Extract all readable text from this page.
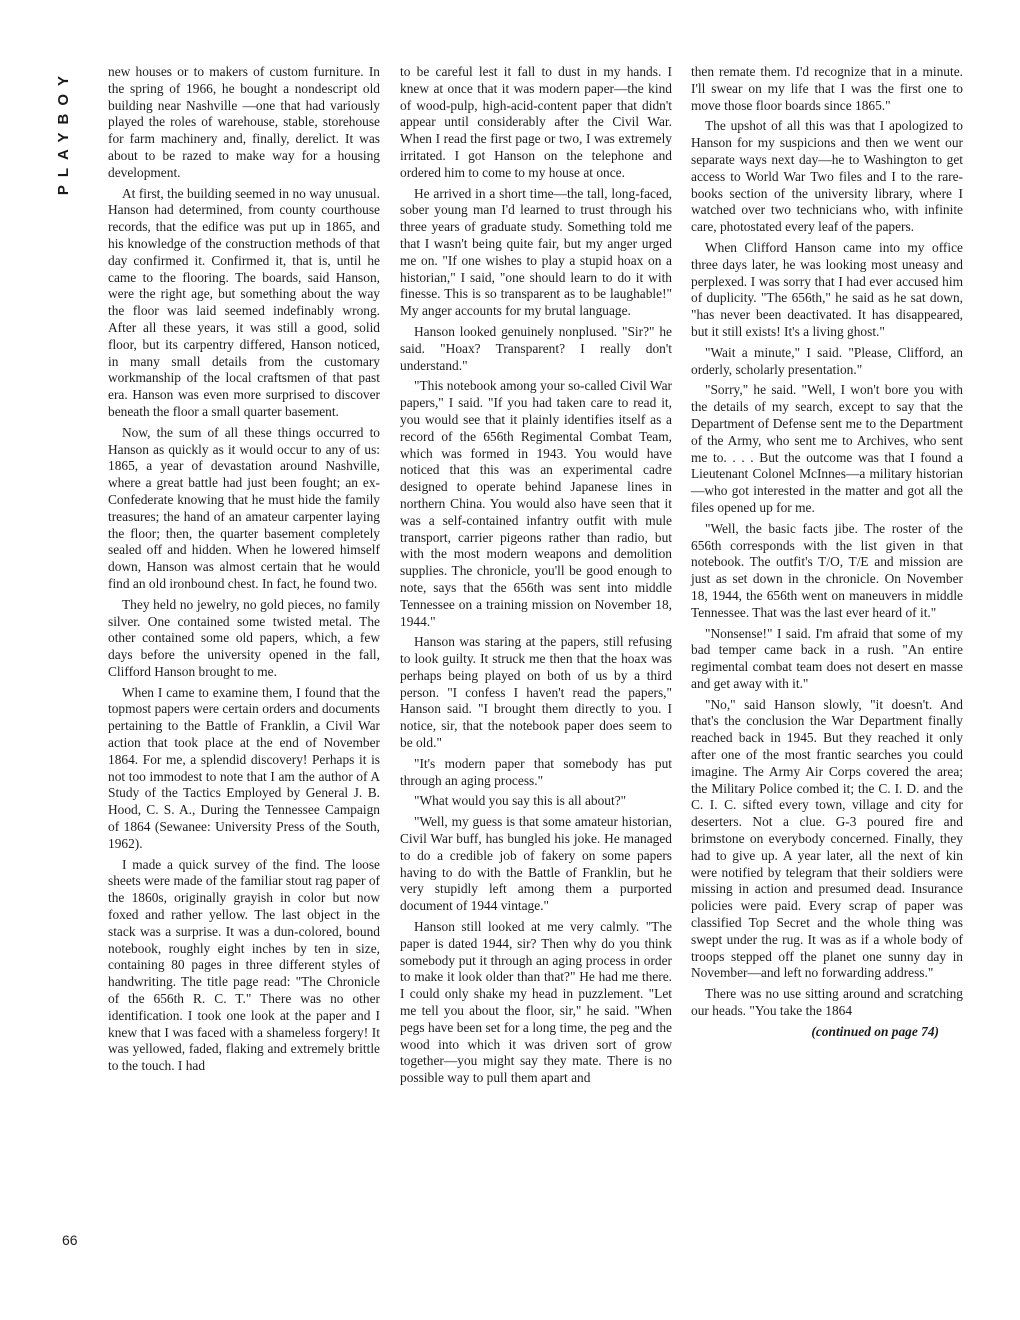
PLAYBOY
66

new houses or to makers of custom furniture. In the spring of 1966, he bought a nondescript old building near Nashville —one that had variously played the roles of warehouse, stable, storehouse for farm machinery and, finally, derelict. It was about to be razed to make way for a housing development.

At first, the building seemed in no way unusual. Hanson had determined, from county courthouse records, that the edifice was put up in 1865, and his knowledge of the construction methods of that day confirmed it. Confirmed it, that is, until he came to the flooring. The boards, said Hanson, were the right age, but something about the way the floor was laid seemed indefinably wrong. After all these years, it was still a good, solid floor, but its carpentry differed, Hanson noticed, in many small details from the customary workmanship of the local craftsmen of that past era. Hanson was even more surprised to discover beneath the floor a small quarter basement.

Now, the sum of all these things occurred to Hanson as quickly as it would occur to any of us: 1865, a year of devastation around Nashville, where a great battle had just been fought; an ex-Confederate knowing that he must hide the family treasures; the hand of an amateur carpenter laying the floor; then, the quarter basement completely sealed off and hidden. When he lowered himself down, Hanson was almost certain that he would find an old ironbound chest. In fact, he found two.

They held no jewelry, no gold pieces, no family silver. One contained some twisted metal. The other contained some old papers, which, a few days before the university opened in the fall, Clifford Hanson brought to me.

When I came to examine them, I found that the topmost papers were certain orders and documents pertaining to the Battle of Franklin, a Civil War action that took place at the end of November 1864. For me, a splendid discovery! Perhaps it is not too immodest to note that I am the author of A Study of the Tactics Employed by General J. B. Hood, C. S. A., During the Tennessee Campaign of 1864 (Sewanee: University Press of the South, 1962).

I made a quick survey of the find. The loose sheets were made of the familiar stout rag paper of the 1860s, originally grayish in color but now foxed and rather yellow. The last object in the stack was a surprise. It was a dun-colored, bound notebook, roughly eight inches by ten in size, containing 80 pages in three different styles of handwriting. The title page read: "The Chronicle of the 656th R. C. T." There was no other identification. I took one look at the paper and I knew that I was faced with a shameless forgery! It was yellowed, faded, flaking and extremely brittle to the touch. I had

to be careful lest it fall to dust in my hands. I knew at once that it was modern paper—the kind of wood-pulp, high-acid-content paper that didn't appear until considerably after the Civil War. When I read the first page or two, I was extremely irritated. I got Hanson on the telephone and ordered him to come to my house at once.

He arrived in a short time—the tall, long-faced, sober young man I'd learned to trust through his three years of graduate study. Something told me that I wasn't being quite fair, but my anger urged me on. "If one wishes to play a stupid hoax on a historian," I said, "one should learn to do it with finesse. This is so transparent as to be laughable!" My anger accounts for my brutal language.

Hanson looked genuinely nonplused. "Sir?" he said. "Hoax? Transparent? I really don't understand."

"This notebook among your so-called Civil War papers," I said. "If you had taken care to read it, you would see that it plainly identifies itself as a record of the 656th Regimental Combat Team, which was formed in 1943. You would have noticed that this was an experimental cadre designed to operate behind Japanese lines in northern China. You would also have seen that it was a self-contained infantry outfit with mule transport, carrier pigeons rather than radio, but with the most modern weapons and demolition supplies. The chronicle, you'll be good enough to note, says that the 656th was sent into middle Tennessee on a training mission on November 18, 1944."

Hanson was staring at the papers, still refusing to look guilty. It struck me then that the hoax was perhaps being played on both of us by a third person. "I confess I haven't read the papers," Hanson said. "I brought them directly to you. I notice, sir, that the notebook paper does seem to be old."

"It's modern paper that somebody has put through an aging process."

"What would you say this is all about?"

"Well, my guess is that some amateur historian, Civil War buff, has bungled his joke. He managed to do a credible job of fakery on some papers having to do with the Battle of Franklin, but he very stupidly left among them a purported document of 1944 vintage."

Hanson still looked at me very calmly. "The paper is dated 1944, sir? Then why do you think somebody put it through an aging process in order to make it look older than that?" He had me there. I could only shake my head in puzzlement. "Let me tell you about the floor, sir," he said. "When pegs have been set for a long time, the peg and the wood into which it was driven sort of grow together—you might say they mate. There is no possible way to pull them apart and

then remate them. I'd recognize that in a minute. I'll swear on my life that I was the first one to move those floor boards since 1865."

The upshot of all this was that I apologized to Hanson for my suspicions and then we went our separate ways next day—he to Washington to get access to World War Two files and I to the rare-books section of the university library, where I watched over two technicians who, with infinite care, photostated every leaf of the papers.

When Clifford Hanson came into my office three days later, he was looking most uneasy and perplexed. I was sorry that I had ever accused him of duplicity. "The 656th," he said as he sat down, "has never been deactivated. It has disappeared, but it still exists! It's a living ghost."

"Wait a minute," I said. "Please, Clifford, an orderly, scholarly presentation."

"Sorry," he said. "Well, I won't bore you with the details of my search, except to say that the Department of Defense sent me to the Department of the Army, who sent me to Archives, who sent me to. . . . But the outcome was that I found a Lieutenant Colonel McInnes—a military historian—who got interested in the matter and got all the files opened up for me.

"Well, the basic facts jibe. The roster of the 656th corresponds with the list given in that notebook. The outfit's T/O, T/E and mission are just as set down in the chronicle. On November 18, 1944, the 656th went on maneuvers in middle Tennessee. That was the last ever heard of it."

"Nonsense!" I said. I'm afraid that some of my bad temper came back in a rush. "An entire regimental combat team does not desert en masse and get away with it."

"No," said Hanson slowly, "it doesn't. And that's the conclusion the War Department finally reached back in 1945. But they reached it only after one of the most frantic searches you could imagine. The Army Air Corps covered the area; the Military Police combed it; the C. I. D. and the C. I. C. sifted every town, village and city for deserters. Not a clue. G-3 poured fire and brimstone on everybody concerned. Finally, they had to give up. A year later, all the next of kin were notified by telegram that their soldiers were missing in action and presumed dead. Insurance policies were paid. Every scrap of paper was classified Top Secret and the whole thing was swept under the rug. It was as if a whole body of troops stepped off the planet one sunny day in November—and left no forwarding address."

There was no use sitting around and scratching our heads. "You take the 1864

(continued on page 74)
